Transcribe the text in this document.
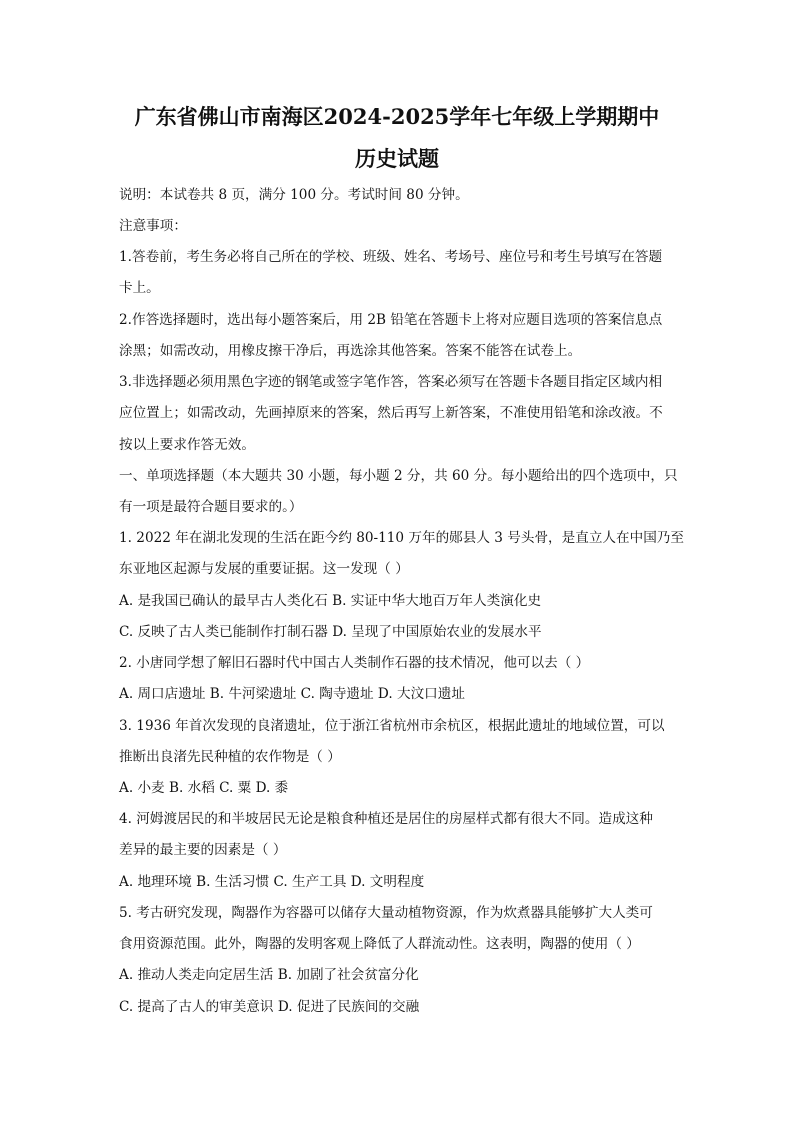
广东省佛山市南海区2024-2025学年七年级上学期期中
历史试题
说明：本试卷共 8 页，满分 100 分。考试时间 80 分钟。
注意事项：
1.答卷前，考生务必将自己所在的学校、班级、姓名、考场号、座位号和考生号填写在答题
卡上。
2.作答选择题时，选出每小题答案后，用 2B 铅笔在答题卡上将对应题目选项的答案信息点
涂黑；如需改动，用橡皮擦干净后，再选涂其他答案。答案不能答在试卷上。
3.非选择题必须用黑色字迹的钢笔或签字笔作答，答案必须写在答题卡各题目指定区域内相
应位置上；如需改动，先画掉原来的答案，然后再写上新答案，不准使用铅笔和涂改液。不
按以上要求作答无效。
一、单项选择题（本大题共 30 小题，每小题 2 分，共 60 分。每小题给出的四个选项中，只
有一项是最符合题目要求的。）
1. 2022 年在湖北发现的生活在距今约 80-110 万年的郧县人 3 号头骨，是直立人在中国乃至
东亚地区起源与发展的重要证据。这一发现（ ）
A. 是我国已确认的最早古人类化石 B. 实证中华大地百万年人类演化史
C. 反映了古人类已能制作打制石器 D. 呈现了中国原始农业的发展水平
2. 小唐同学想了解旧石器时代中国古人类制作石器的技术情况，他可以去（ ）
A. 周口店遗址 B. 牛河梁遗址 C. 陶寺遗址 D. 大汶口遗址
3. 1936 年首次发现的良渚遗址，位于浙江省杭州市余杭区，根据此遗址的地域位置，可以
推断出良渚先民种植的农作物是（ ）
A. 小麦 B. 水稻 C. 粟 D. 黍
4. 河姆渡居民的和半坡居民无论是粮食种植还是居住的房屋样式都有很大不同。造成这种
差异的最主要的因素是（ ）
A. 地理环境 B. 生活习惯 C. 生产工具 D. 文明程度
5. 考古研究发现，陶器作为容器可以储存大量动植物资源，作为炊煮器具能够扩大人类可
食用资源范围。此外，陶器的发明客观上降低了人群流动性。这表明，陶器的使用（ ）
A. 推动人类走向定居生活 B. 加剧了社会贫富分化
C. 提高了古人的审美意识 D. 促进了民族间的交融
